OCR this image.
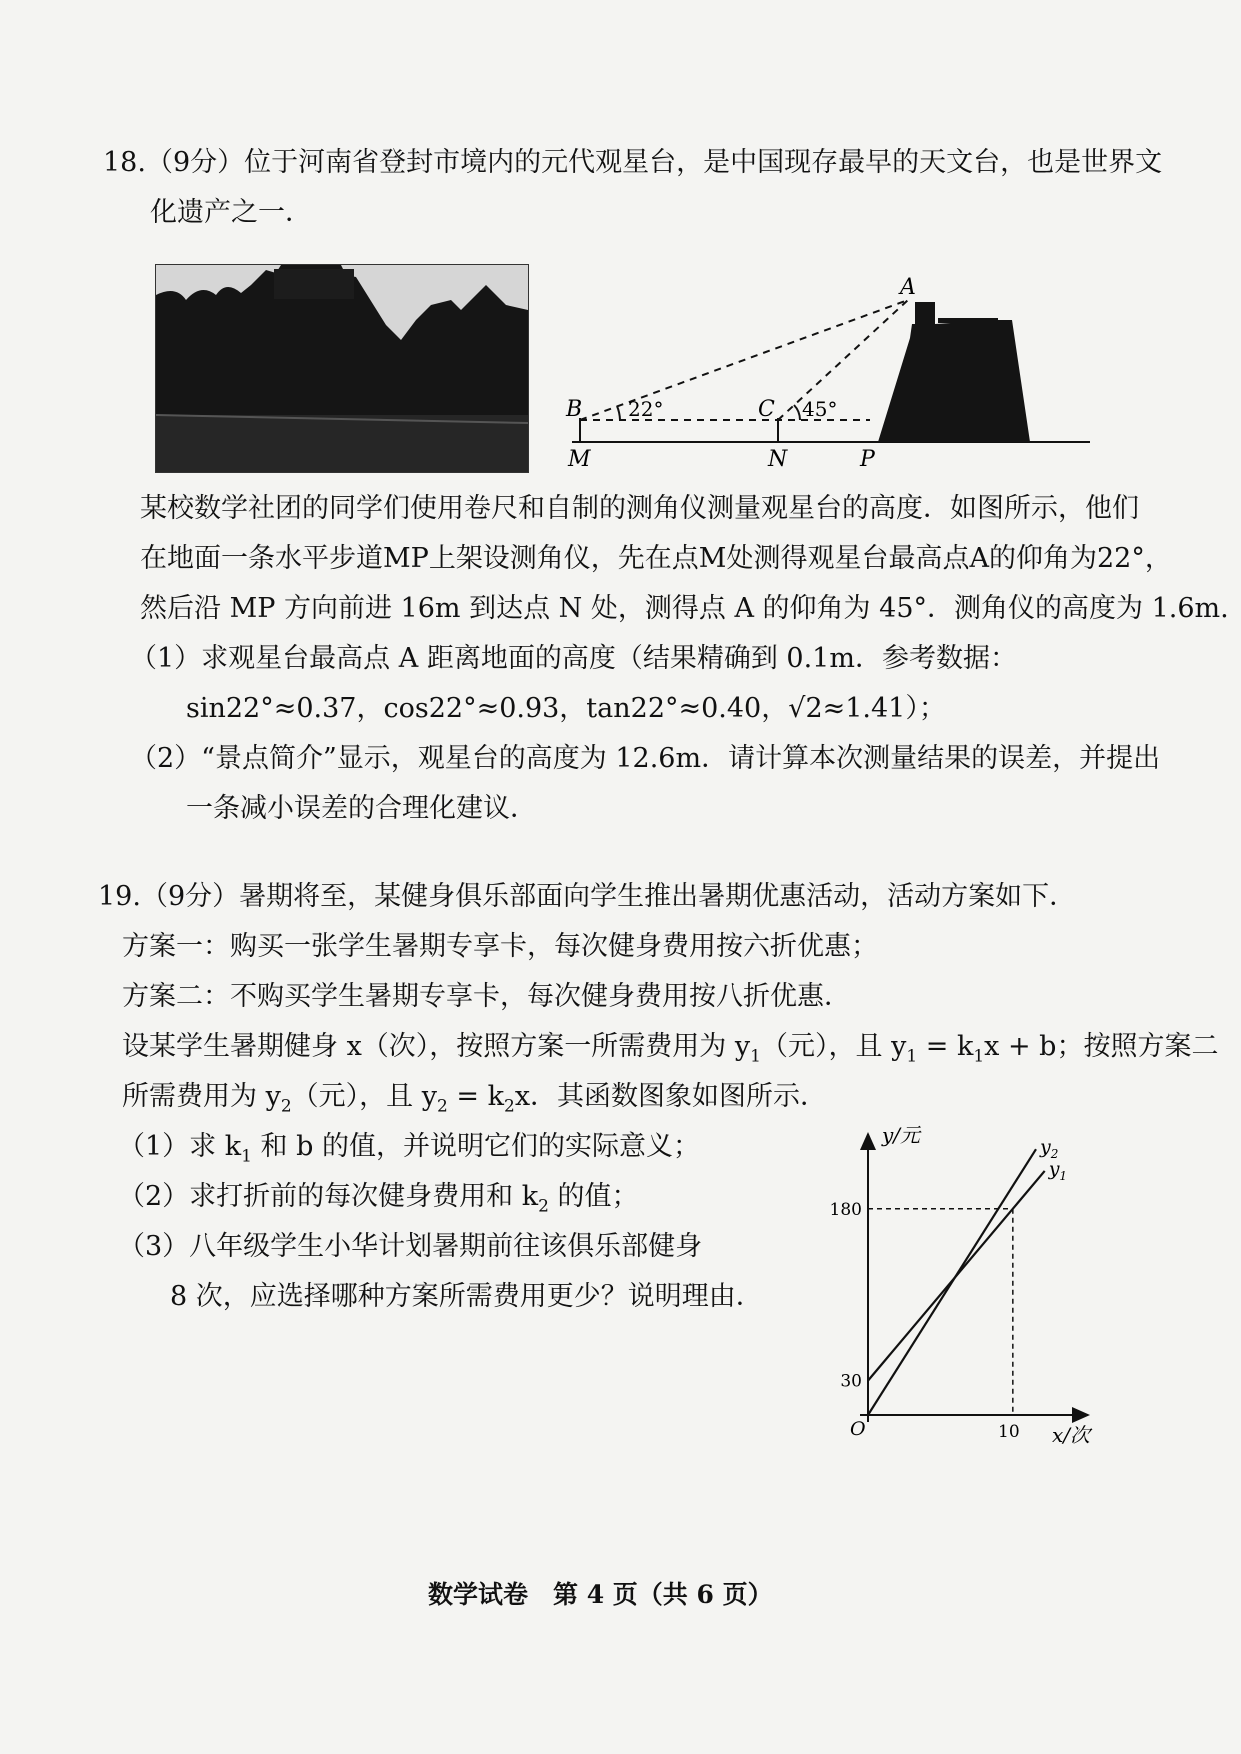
18.（9分）位于河南省登封市境内的元代观星台，是中国现存最早的天文台，也是世界文
化遗产之一．
A
B	C
M	N	P
22°	45°
某校数学社团的同学们使用卷尺和自制的测角仪测量观星台的高度．如图所示，他们
在地面一条水平步道MP上架设测角仪，先在点M处测得观星台最高点A的仰角为22°，
然后沿 MP 方向前进 16m 到达点 N 处，测得点 A 的仰角为 45°．测角仪的高度为 1.6m.
（1）求观星台最高点 A 距离地面的高度（结果精确到 0.1m．参考数据：
sin22°≈0.37，cos22°≈0.93，tan22°≈0.40，√2≈1.41）；
（2）“景点简介”显示，观星台的高度为 12.6m．请计算本次测量结果的误差，并提出
一条减小误差的合理化建议．
19.（9分）暑期将至，某健身俱乐部面向学生推出暑期优惠活动，活动方案如下．
方案一：购买一张学生暑期专享卡，每次健身费用按六折优惠；
方案二：不购买学生暑期专享卡，每次健身费用按八折优惠．
设某学生暑期健身 x（次），按照方案一所需费用为 $y_1$（元），且 $y_1 = k_1x + b$；按照方案二
所需费用为 $y_2$（元），且 $y_2 = k_2x$．其函数图象如图所示．
（1）求 $k_1$ 和 b 的值，并说明它们的实际意义；
（2）求打折前的每次健身费用和 $k_2$ 的值；
（3）八年级学生小华计划暑期前往该俱乐部健身
8 次，应选择哪种方案所需费用更少？说明理由．
$y_1$
$y_2$
30
180
10
y/元
x/次
O
数学试卷　第 4 页（共 6 页）
